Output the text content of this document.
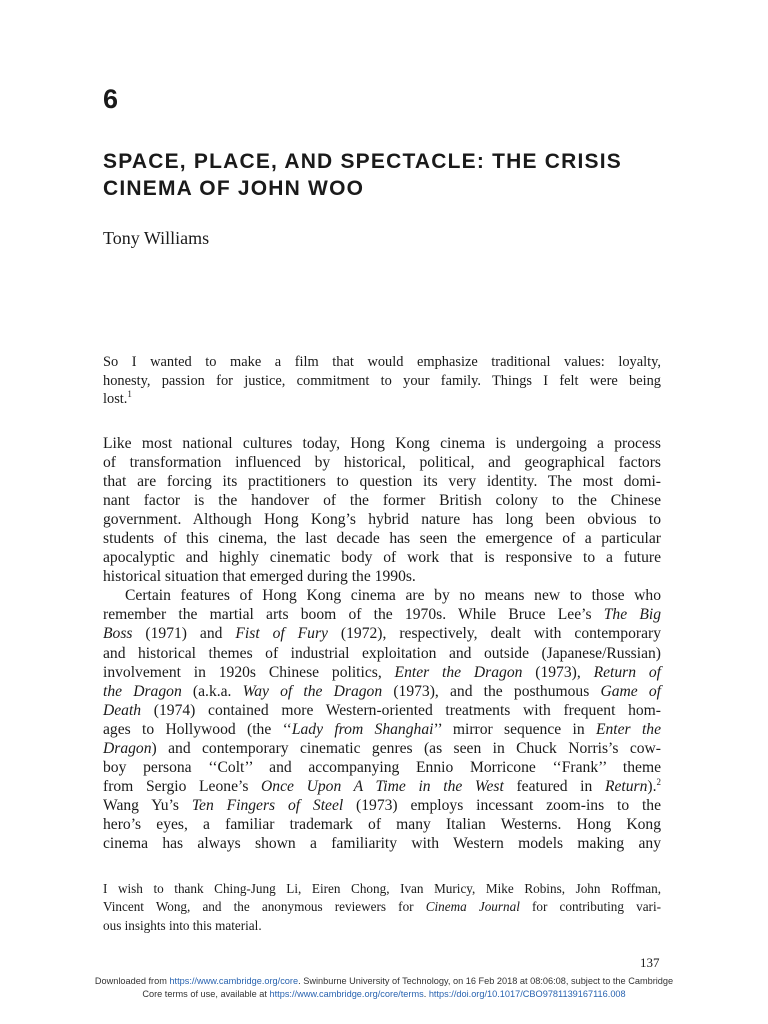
6
SPACE, PLACE, AND SPECTACLE: THE CRISIS
CINEMA OF JOHN WOO

Tony Williams

So I wanted to make a film that would emphasize traditional values: loyalty,
honesty, passion for justice, commitment to your family. Things I felt were being
lost.$^1$
Like most national cultures today, Hong Kong cinema is undergoing a process
of transformation influenced by historical, political, and geographical factors
that are forcing its practitioners to question its very identity. The most domi-
nant factor is the handover of the former British colony to the Chinese
government. Although Hong Kong’s hybrid nature has long been obvious to
students of this cinema, the last decade has seen the emergence of a particular
apocalyptic and highly cinematic body of work that is responsive to a future
historical situation that emerged during the 1990s.
Certain features of Hong Kong cinema are by no means new to those who
remember the martial arts boom of the 1970s. While Bruce Lee’s The Big
Boss (1971) and Fist of Fury (1972), respectively, dealt with contemporary
and historical themes of industrial exploitation and outside (Japanese/Russian)
involvement in 1920s Chinese politics, Enter the Dragon (1973), Return of
the Dragon (a.k.a. Way of the Dragon (1973), and the posthumous Game of
Death (1974) contained more Western-oriented treatments with frequent hom-
ages to Hollywood (the ‘‘Lady from Shanghai’’ mirror sequence in Enter the
Dragon) and contemporary cinematic genres (as seen in Chuck Norris’s cow-
boy persona ‘‘Colt’’ and accompanying Ennio Morricone ‘‘Frank’’ theme
from Sergio Leone’s Once Upon A Time in the West featured in Return).$^2$
Wang Yu’s Ten Fingers of Steel (1973) employs incessant zoom-ins to the
hero’s eyes, a familiar trademark of many Italian Westerns. Hong Kong
cinema has always shown a familiarity with Western models making any
I wish to thank Ching-Jung Li, Eiren Chong, Ivan Muricy, Mike Robins, John Roffman,
Vincent Wong, and the anonymous reviewers for Cinema Journal for contributing vari-
ous insights into this material.

137

Downloaded from https://www.cambridge.org/core. Swinburne University of Technology, on 16 Feb 2018 at 08:06:08, subject to the Cambridge
Core terms of use, available at https://www.cambridge.org/core/terms. https://doi.org/10.1017/CBO9781139167116.008
